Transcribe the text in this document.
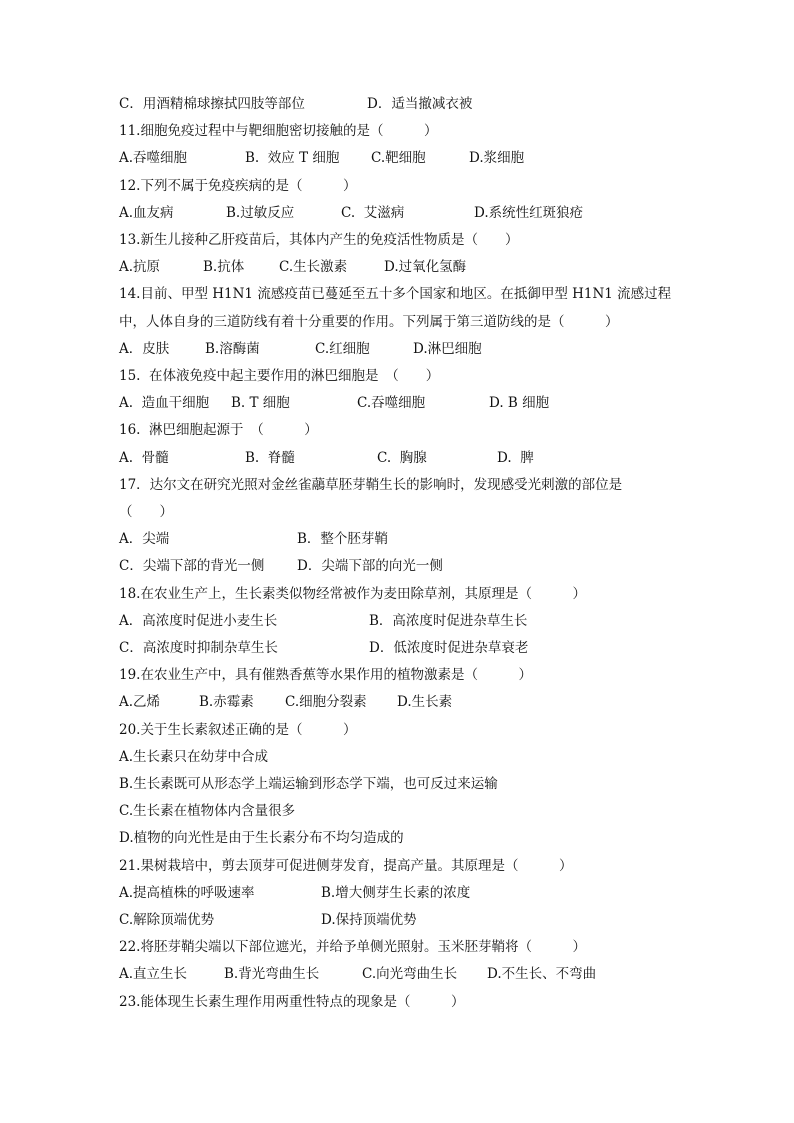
C．用酒精棉球擦拭四肢等部位	D．适当撤减衣被
11.细胞免疫过程中与靶细胞密切接触的是（　　　）
A.吞噬细胞	B.  效应 T 细胞 C.靶细胞	D.浆细胞
12.下列不属于免疫疾病的是（　　　）
A.血友病	B.过敏反应	C.  艾滋病	D.系统性红斑狼疮
13.新生儿接种乙肝疫苗后，其体内产生的免疫活性物质是（　　）
A.抗原	B.抗体	C.生长激素	D.过氧化氢酶
14.目前、甲型 H1N1 流感疫苗已蔓延至五十多个国家和地区。在抵御甲型 H1N1 流感过程
中，人体自身的三道防线有着十分重要的作用。下列属于第三道防线的是（　　　）
A．皮肤	B.溶酶菌	C.红细胞	D.淋巴细胞
15.  在体液免疫中起主要作用的淋巴细胞是　（　　）
A.  造血干细胞 B. T 细胞	C.吞噬细胞	D. B 细胞
16.  淋巴细胞起源于　（　　　）
A.  骨髓	B.  脊髓	C.  胸腺	D.  脾
17．达尔文在研究光照对金丝雀虉草胚芽鞘生长的影响时，发现感受光刺激的部位是
（　　）
A．尖端	B．整个胚芽鞘
C．尖端下部的背光一侧 D．尖端下部的向光一侧
18.在农业生产上，生长素类似物经常被作为麦田除草剂，其原理是（　　　）
A．高浓度时促进小麦生长	B．高浓度时促进杂草生长
C．高浓度时抑制杂草生长	D．低浓度时促进杂草衰老
19.在农业生产中，具有催熟香蕉等水果作用的植物激素是（　　　）
A.乙烯	B.赤霉素 C.细胞分裂素 D.生长素
20.关于生长素叙述正确的是（　　　）
A.生长素只在幼芽中合成
B.生长素既可从形态学上端运输到形态学下端，也可反过来运输
C.生长素在植物体内含量很多
D.植物的向光性是由于生长素分布不均匀造成的
21.果树栽培中，剪去顶芽可促进侧芽发育，提高产量。其原理是（　　　）
A.提高植株的呼吸速率	B.增大侧芽生长素的浓度
C.解除顶端优势	D.保持顶端优势
22.将胚芽鞘尖端以下部位遮光，并给予单侧光照射。玉米胚芽鞘将（　　　）
A.直立生长	B.背光弯曲生长	C.向光弯曲生长 D.不生长、不弯曲
23.能体现生长素生理作用两重性特点的现象是（　　　）
